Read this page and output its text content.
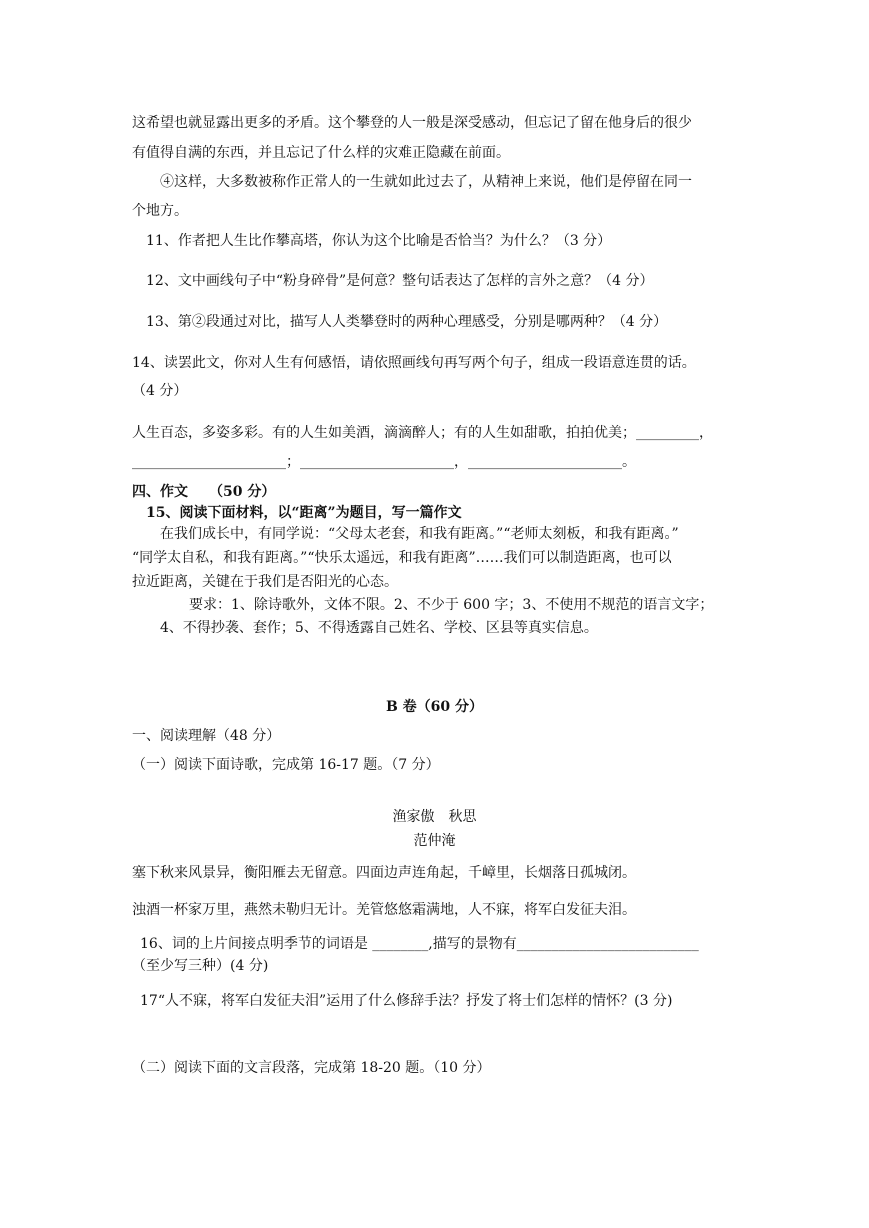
这希望也就显露出更多的矛盾。这个攀登的人一般是深受感动，但忘记了留在他身后的很少
有值得自满的东西，并且忘记了什么样的灾难正隐藏在前面。
④这样，大多数被称作正常人的一生就如此过去了，从精神上来说，他们是停留在同一
个地方。
11、作者把人生比作攀高塔，你认为这个比喻是否恰当？为什么？（3 分）
12、文中画线句子中“粉身碎骨”是何意？整句话表达了怎样的言外之意？（4 分）
13、第②段通过对比，描写人人类攀登时的两种心理感受，分别是哪两种？（4 分）
14、读罢此文，你对人生有何感悟，请依照画线句再写两个句子，组成一段语意连贯的话。
（4 分）
人生百态，多姿多彩。有的人生如美酒，滴滴醉人；有的人生如甜歌，拍拍优美；_________，
______________________；______________________，______________________。
四、作文　　（50 分）
15、阅读下面材料，以“距离”为题目，写一篇作文
在我们成长中，有同学说：“父母太老套，和我有距离。”“老师太刻板，和我有距离。”
“同学太自私，和我有距离。”“快乐太遥远，和我有距离”……我们可以制造距离，也可以
拉近距离，关键在于我们是否阳光的心态。
要求：1、除诗歌外，文体不限。2、不少于 600 字；3、不使用不规范的语言文字；
4、不得抄袭、套作；5、不得透露自己姓名、学校、区县等真实信息。
B 卷（60 分）
一、阅读理解（48 分）
（一）阅读下面诗歌，完成第 16-17 题。（7 分）
渔家傲　秋思
范仲淹
塞下秋来风景异，衡阳雁去无留意。四面边声连角起，千嶂里，长烟落日孤城闭。
浊酒一杯家万里，燕然未勒归无计。羌管悠悠霜满地，人不寐，将军白发征夫泪。
16、词的上片间接点明季节的词语是 ________,描写的景物有__________________________
（至少写三种）(4 分)
17“人不寐，将军白发征夫泪”运用了什么修辞手法？抒发了将士们怎样的情怀？(3 分)
（二）阅读下面的文言段落，完成第 18-20 题。（10 分）
